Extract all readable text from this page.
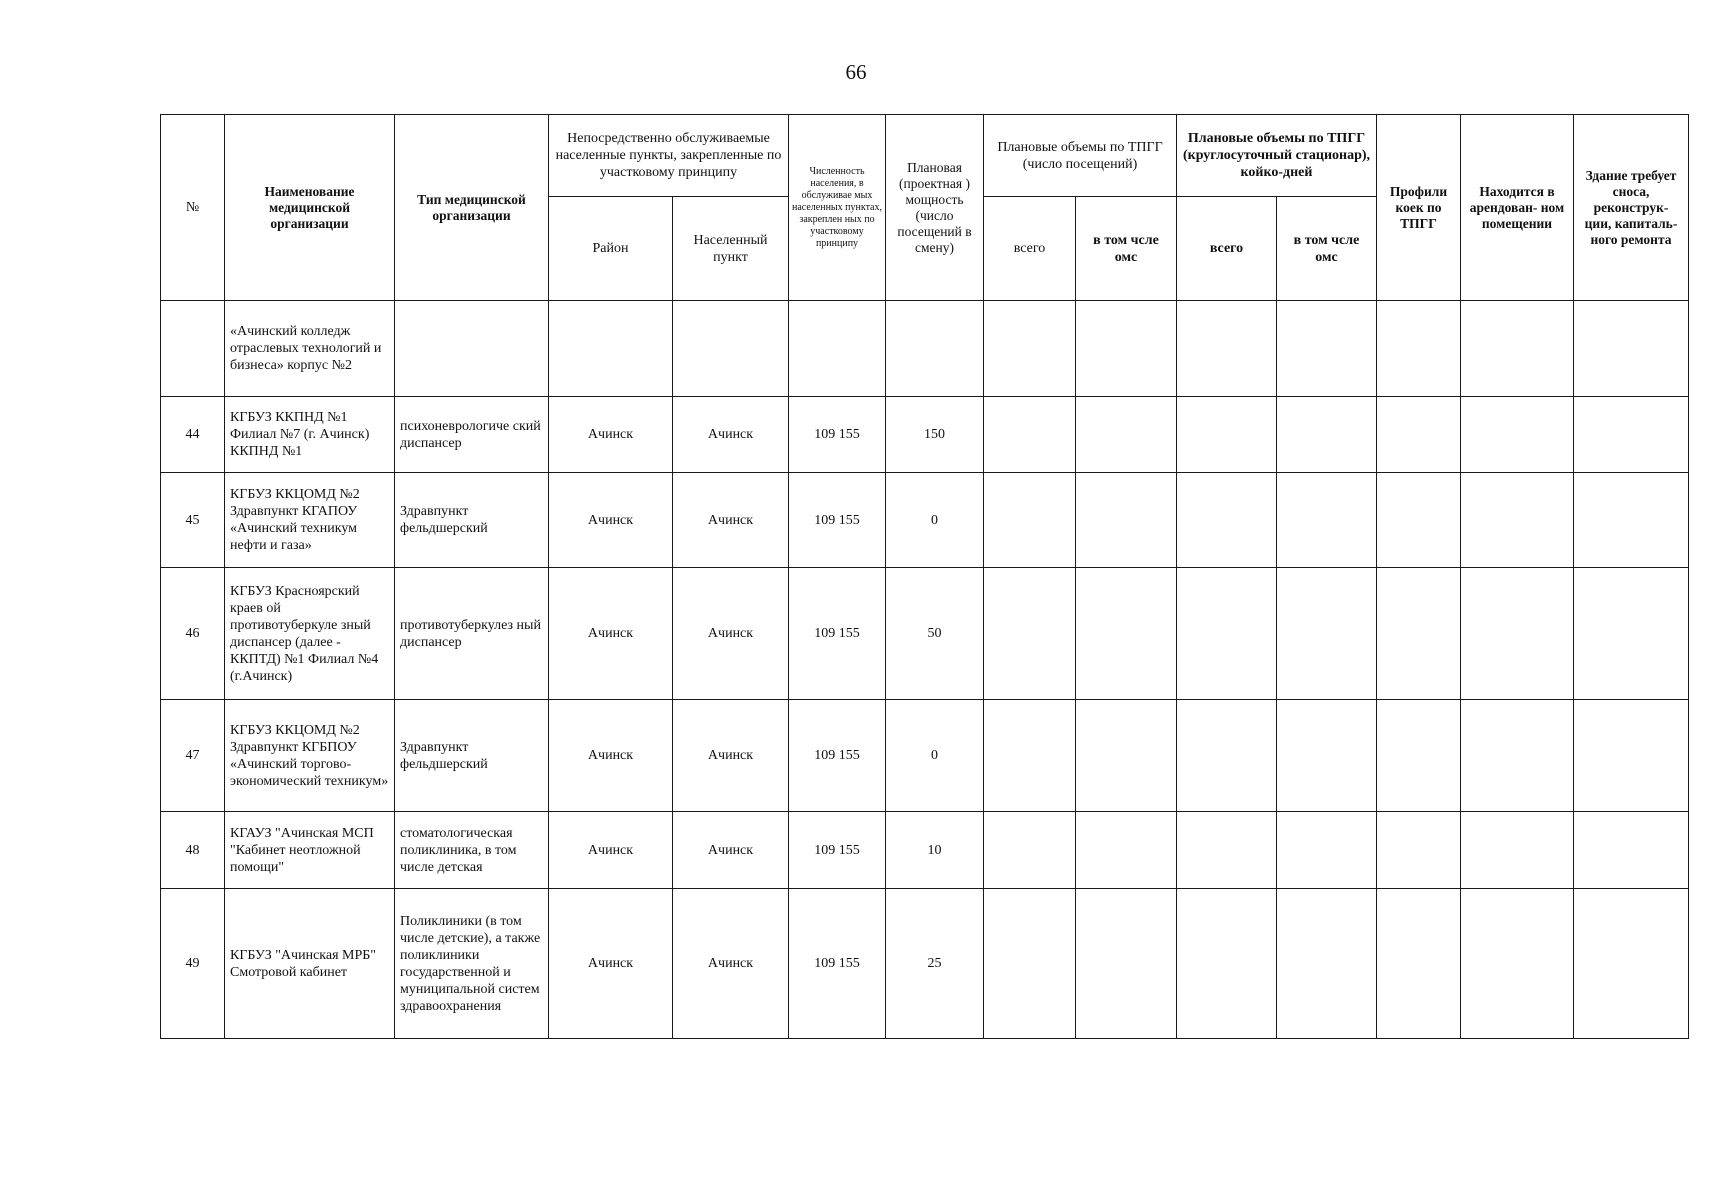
66
№	Наименование медицинской организации	Тип медицинской организации	Непосредственно обслуживаемые населенные пункты, закрепленные по участковому принципу		Численность населения, в обслуживае мых населенных пунктах, закреплен ных по участковому принципу	Плановая (проектная ) мощность (число посещений в смену)	Плановые объемы по ТПГГ (число посещений)		Плановые объемы по ТПГГ (круглосуточный стационар), койко-дней		Профили коек по ТПГГ	Находится в арендован- ном помещении	Здание требует сноса, реконструк- ции, капиталь- ного ремонта
			Район	Населенный пункт			всего	в том чсле омс	всего	в том чсле омс			
	«Ачинский колледж отраслевых технологий и бизнеса» корпус №2												
44	КГБУЗ ККПНД №1 Филиал №7 (г. Ачинск) ККПНД №1	психоневрологиче ский диспансер	Ачинск	Ачинск	109 155	150							
45	КГБУЗ ККЦОМД №2 Здравпункт КГАПОУ «Ачинский техникум нефти и газа»	Здравпункт фельдшерский	Ачинск	Ачинск	109 155	0							
46	КГБУЗ Красноярский краев ой противотуберкуле зный диспансер (далее - ККПТД) №1 Филиал №4 (г.Ачинск)	противотуберкулез ный диспансер	Ачинск	Ачинск	109 155	50							
47	КГБУЗ ККЦОМД №2 Здравпункт КГБПОУ «Ачинский торгово- экономический техникум»	Здравпункт фельдшерский	Ачинск	Ачинск	109 155	0							
48	КГАУЗ "Ачинская МСП "Кабинет неотложной помощи"	стоматологическая поликлиника, в том числе детская	Ачинск	Ачинск	109 155	10							
49	КГБУЗ "Ачинская МРБ" Смотровой кабинет	Поликлиники (в том числе детские), а также поликлиники государственной и муниципальной систем здравоохранения	Ачинск	Ачинск	109 155	25							
